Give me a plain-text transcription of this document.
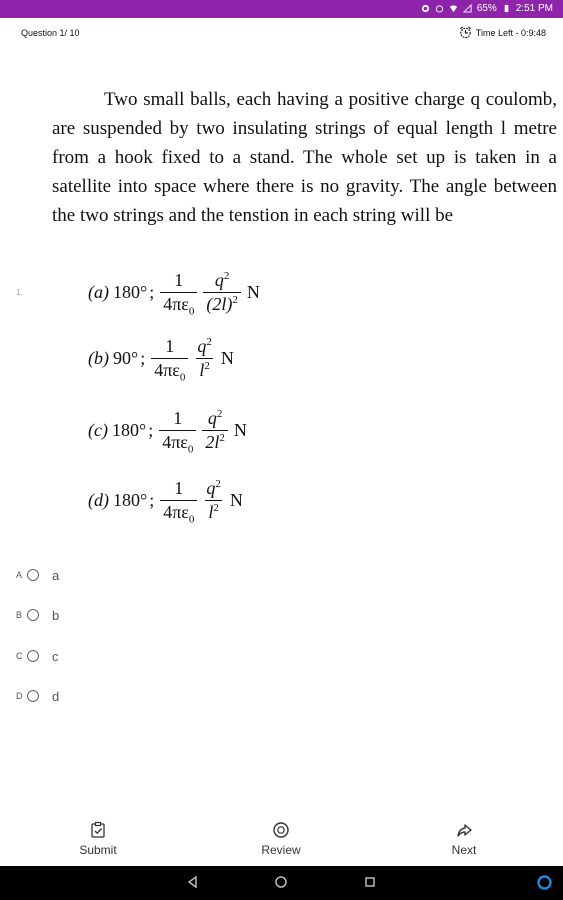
65% 2:51 PM
Question 1/ 10	Time Left - 0:9:48

Two small balls, each having a positive charge q coulomb, are suspended by two insulating strings of equal length l metre from a hook fixed to a stand. The whole set up is taken in a satellite into space where there is no gravity. The angle between the two strings and the tenstion in each string will be

1.	(a) 180° ; $\frac{1}{4\pi\varepsilon_0} \frac{q^2}{(2l)^2}$ N
(b) 90° ; $\frac{1}{4\pi\varepsilon_0} \frac{q^2}{l^2}$ N
(c) 180° ; $\frac{1}{4\pi\varepsilon_0} \frac{q^2}{2l^2}$ N
(d) 180° ; $\frac{1}{4\pi\varepsilon_0} \frac{q^2}{l^2}$ N
A a
B b
C c
D d
Submit	Review	Next
